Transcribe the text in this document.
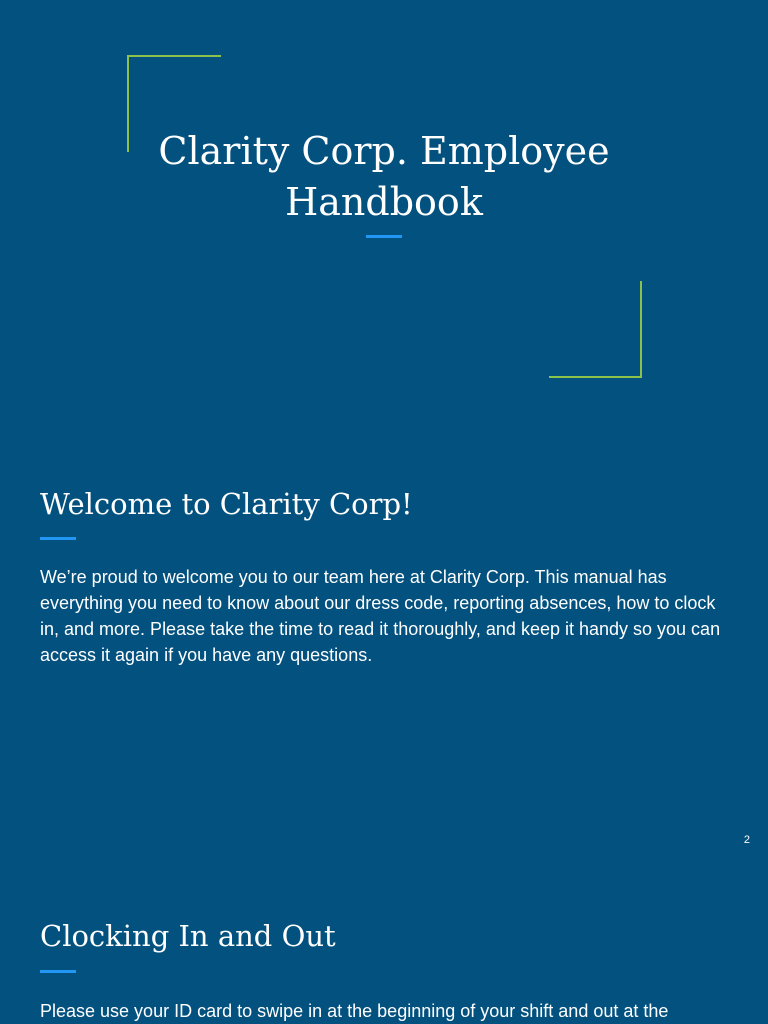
Clarity Corp. Employee Handbook
Welcome to Clarity Corp!

We’re proud to welcome you to our team here at Clarity Corp. This manual has everything you need to know about our dress code, reporting absences, how to clock in, and more. Please take the time to read it thoroughly, and keep it handy so you can access it again if you have any questions.

2
Clocking In and Out

Please use your ID card to swipe in at the beginning of your shift and out at the
